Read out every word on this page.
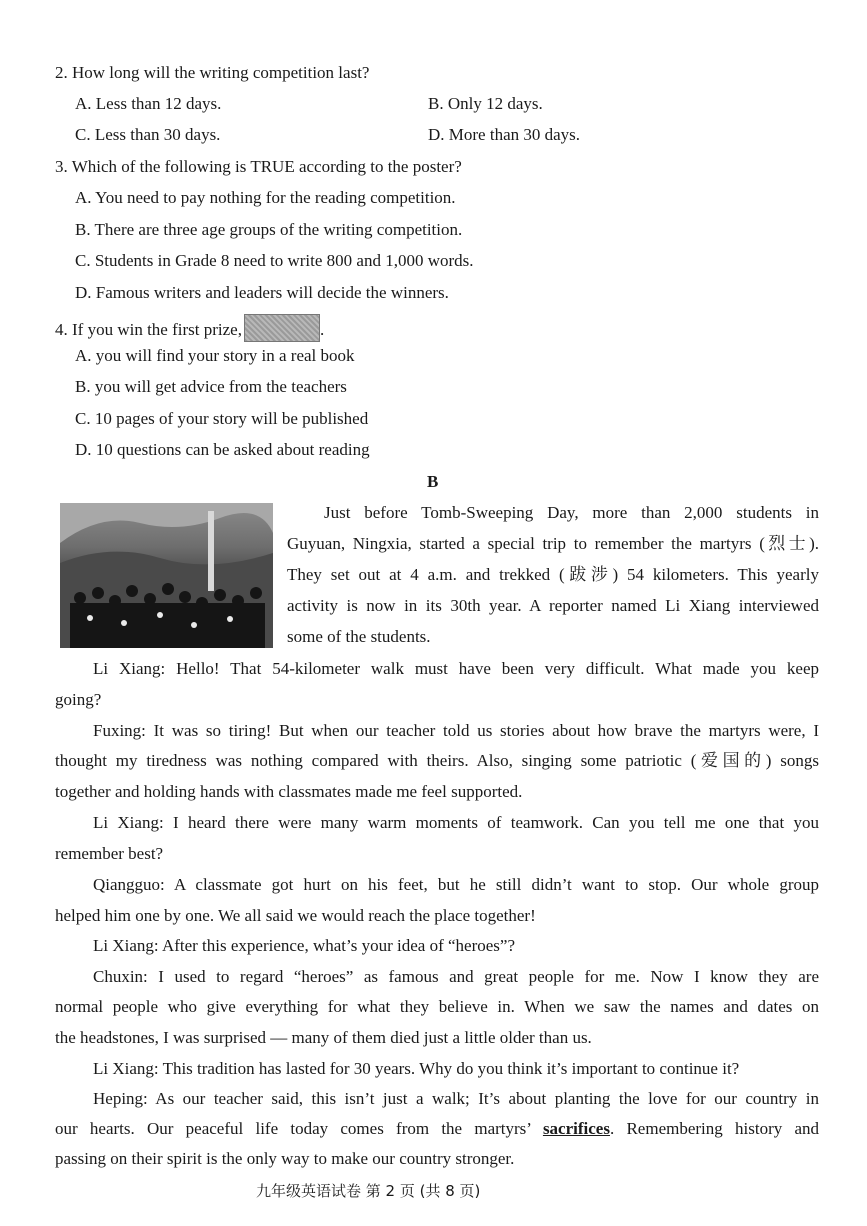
2. How long will the writing competition last?
A. Less than 12 days.	B. Only 12 days.
C. Less than 30 days.	D. More than 30 days.
3. Which of the following is TRUE according to the poster?
A. You need to pay nothing for the reading competition.
B. There are three age groups of the writing competition.
C. Students in Grade 8 need to write 800 and 1,000 words.
D. Famous writers and leaders will decide the winners.
4. If you win the first prize,	.
A. you will find your story in a real book
B. you will get advice from the teachers
C. 10 pages of your story will be published
D. 10 questions can be asked about reading
B
Just before Tomb-Sweeping Day, more than 2,000 students in
Guyuan, Ningxia, started a special trip to remember the martyrs (烈士).
They set out at 4 a.m. and trekked (跋涉) 54 kilometers. This yearly
activity is now in its 30th year. A reporter named Li Xiang interviewed
some of the students.
Li Xiang: Hello! That 54-kilometer walk must have been very difficult. What made you keep
going?
Fuxing: It was so tiring! But when our teacher told us stories about how brave the martyrs were, I
thought my tiredness was nothing compared with theirs. Also, singing some patriotic (爱国的) songs
together and holding hands with classmates made me feel supported.
Li Xiang: I heard there were many warm moments of teamwork. Can you tell me one that you
remember best?
Qiangguo: A classmate got hurt on his feet, but he still didn’t want to stop. Our whole group
helped him one by one. We all said we would reach the place together!
Li Xiang: After this experience, what’s your idea of “heroes”?
Chuxin: I used to regard “heroes” as famous and great people for me. Now I know they are
normal people who give everything for what they believe in. When we saw the names and dates on
the headstones, I was surprised — many of them died just a little older than us.
Li Xiang: This tradition has lasted for 30 years. Why do you think it’s important to continue it?
Heping: As our teacher said, this isn’t just a walk; It’s about planting the love for our country in
our hearts. Our peaceful life today comes from the martyrs’ sacrifices. Remembering history and
passing on their spirit is the only way to make our country stronger.
九年级英语试卷 第 2 页 (共 8 页)
